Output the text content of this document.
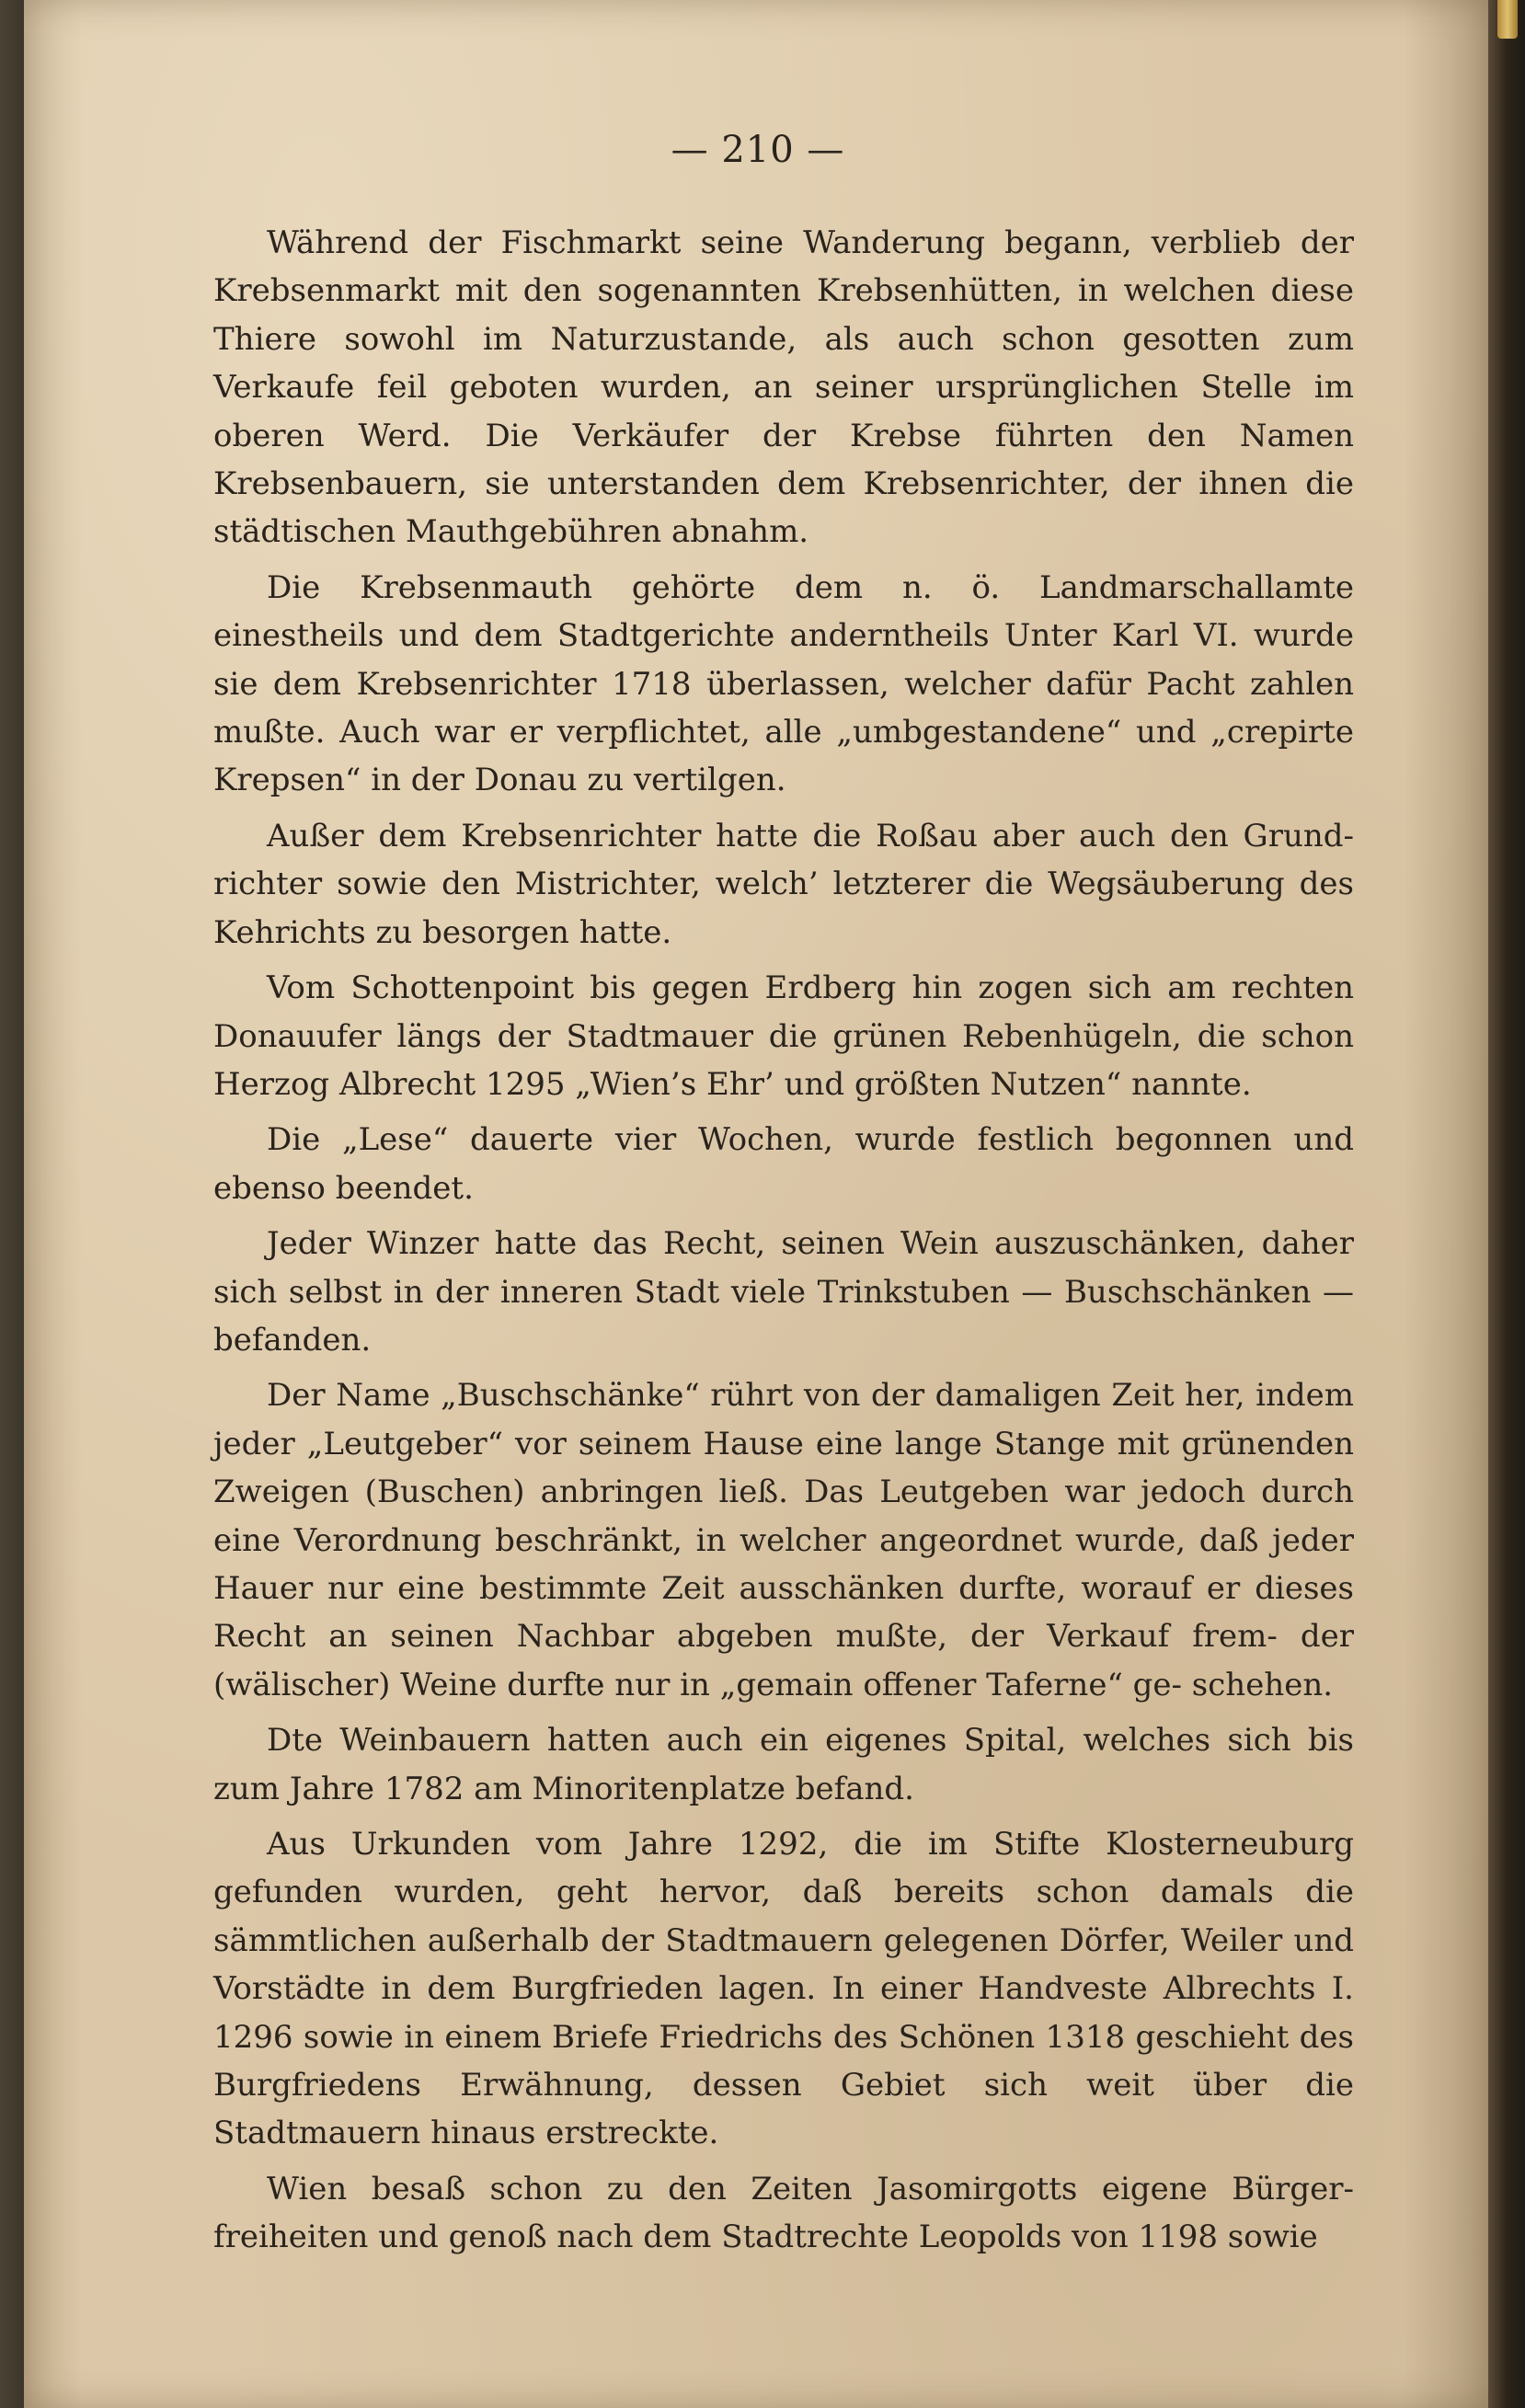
— 210 —

Während der Fischmarkt seine Wanderung begann, verblieb der Krebsenmarkt mit den sogenannten Krebsenhütten, in welchen diese Thiere sowohl im Naturzustande, als auch schon gesotten zum Verkaufe feil geboten wurden, an seiner ursprünglichen Stelle im oberen Werd. Die Verkäufer der Krebse führten den Namen Krebsenbauern, sie unterstanden dem Krebsenrichter, der ihnen die städtischen Mauthgebühren abnahm.

Die Krebsenmauth gehörte dem n. ö. Landmarschallamte einestheils und dem Stadtgerichte anderntheils Unter Karl VI. wurde sie dem Krebsenrichter 1718 überlassen, welcher dafür Pacht zahlen mußte. Auch war er verpflichtet, alle „umbgestandene“ und „crepirte Krepsen“ in der Donau zu vertilgen.

Außer dem Krebsenrichter hatte die Roßau aber auch den Grund- richter sowie den Mistrichter, welch’ letzterer die Wegsäuberung des Kehrichts zu besorgen hatte.

Vom Schottenpoint bis gegen Erdberg hin zogen sich am rechten Donauufer längs der Stadtmauer die grünen Rebenhügeln, die schon Herzog Albrecht 1295 „Wien’s Ehr’ und größten Nutzen“ nannte.

Die „Lese“ dauerte vier Wochen, wurde festlich begonnen und ebenso beendet.

Jeder Winzer hatte das Recht, seinen Wein auszuschänken, daher sich selbst in der inneren Stadt viele Trinkstuben — Buschschänken — befanden.

Der Name „Buschschänke“ rührt von der damaligen Zeit her, indem jeder „Leutgeber“ vor seinem Hause eine lange Stange mit grünenden Zweigen (Buschen) anbringen ließ. Das Leutgeben war jedoch durch eine Verordnung beschränkt, in welcher angeordnet wurde, daß jeder Hauer nur eine bestimmte Zeit ausschänken durfte, worauf er dieses Recht an seinen Nachbar abgeben mußte, der Verkauf frem- der (wälischer) Weine durfte nur in „gemain offener Taferne“ ge- schehen.

Dte Weinbauern hatten auch ein eigenes Spital, welches sich bis zum Jahre 1782 am Minoritenplatze befand.

Aus Urkunden vom Jahre 1292, die im Stifte Klosterneuburg gefunden wurden, geht hervor, daß bereits schon damals die sämmtlichen außerhalb der Stadtmauern gelegenen Dörfer, Weiler und Vorstädte in dem Burgfrieden lagen. In einer Handveste Albrechts I. 1296 sowie in einem Briefe Friedrichs des Schönen 1318 geschieht des Burgfriedens Erwähnung, dessen Gebiet sich weit über die Stadtmauern hinaus erstreckte.

Wien besaß schon zu den Zeiten Jasomirgotts eigene Bürger- freiheiten und genoß nach dem Stadtrechte Leopolds von 1198 sowie
